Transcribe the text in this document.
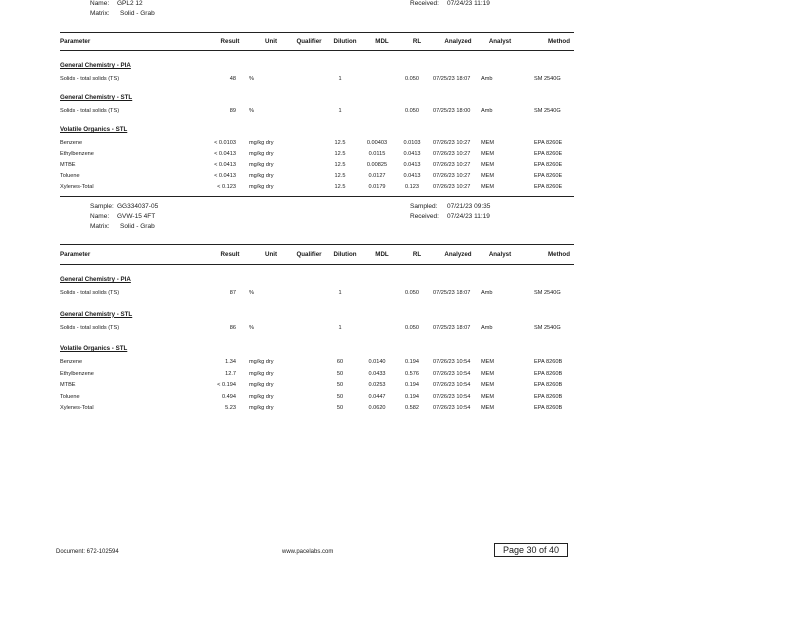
Name: GPL2 12	Received: 07/24/23 11:19
Matrix: Solid - Grab
Parameter	Result	Unit	Qualifier	Dilution	MDL	RL	Analyzed	Analyst	Method
General Chemistry - PIA
Solids - total solids (TS)	48 %	1	0.050	07/25/23 18:07	Amb	SM 2540G
General Chemistry - STL
Solids - total solids (TS)	89 %	1	0.050	07/25/23 18:00	Amb	SM 2540G
Volatile Organics - STL
Benzene	< 0.0103 mg/kg dry	12.5	0.00403	0.0103 07/26/23 10:27	MEM	EPA 8260E
Ethylbenzene	< 0.0413 mg/kg dry	12.5	0.0115	0.0413 07/26/23 10:27	MEM	EPA 8260E
MTBE	< 0.0413 mg/kg dry	12.5	0.00825	0.0413 07/26/23 10:27	MEM	EPA 8260E
Toluene	< 0.0413 mg/kg dry	12.5	0.0127	0.0413 07/26/23 10:27	MEM	EPA 8260E
Xylenes-Total	< 0.123 mg/kg dry	12.5	0.0179	0.123	07/26/23 10:27	MEM	EPA 8260E
Sample: GG334037-05	Sampled: 07/21/23 09:35
Name: GVW-15 4FT	Received: 07/24/23 11:19
Matrix: Solid - Grab
Parameter	Result	Unit	Qualifier	Dilution	MDL	RL	Analyzed	Analyst	Method
General Chemistry - PIA
Solids - total solids (TS)	87 %	1	0.050	07/25/23 18:07	Amb	SM 2540G
General Chemistry - STL
Solids - total solids (TS)	86 %	1	0.050	07/25/23 18:07	Amb	SM 2540G
Volatile Organics - STL
Benzene	1.34 mg/kg dry	60	0.0140	0.194	07/26/23 10:54	MEM	EPA 8260B
Ethylbenzene	12.7 mg/kg dry	50	0.0433	0.576	07/26/23 10:54	MEM	EPA 8260B
MTBE	< 0.194 mg/kg dry	50	0.0253	0.194	07/26/23 10:54	MEM	EPA 8260B
Toluene	0.494 mg/kg dry	50	0.0447	0.194	07/26/23 10:54	MEM	EPA 8260B
Xylenes-Total	5.23 mg/kg dry	50	0.0620	0.582	07/26/23 10:54	MEM	EPA 8260B
Document: 672-102594	www.pacelabs.com	Page 30 of 40
